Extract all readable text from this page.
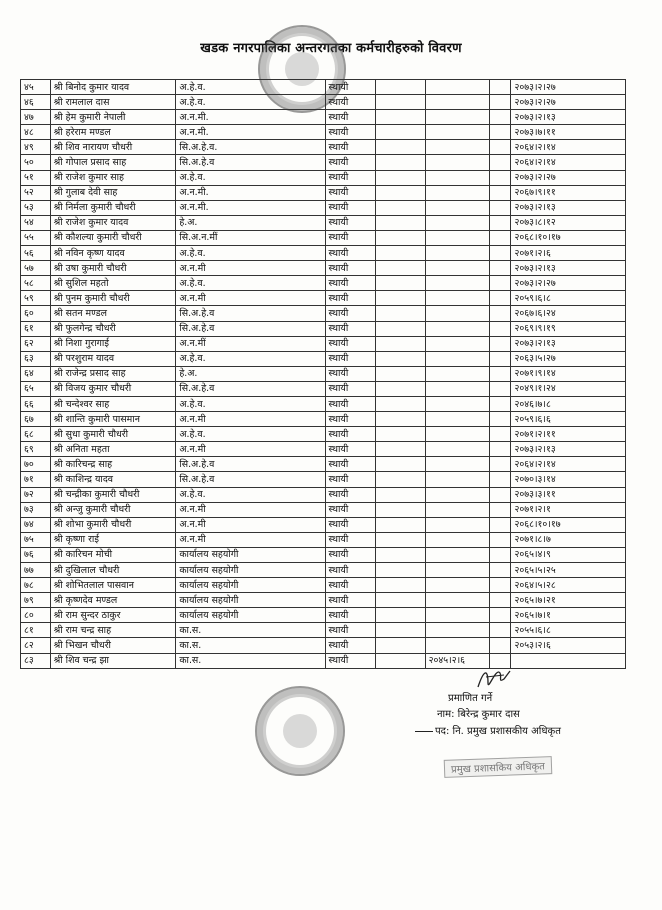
खडक नगरपालिका अन्तरगतका कर्मचारीहरुको विवरण
४५	श्री बिनोद कुमार यादव	अ.हे.व.	स्थायी				२०७३।२।२७
४६	श्री रामलाल दास	अ.हे.व.	स्थायी				२०७३।२।२७
४७	श्री हेम कुमारी नेपाली	अ.न.मी.	स्थायी				२०७३।२।१३
४८	श्री हरेराम मण्डल	अ.न.मी.	स्थायी				२०७३।७।११
४९	श्री शिव नारायण चौधरी	सि.अ.हे.व.	स्थायी				२०६४।२।१४
५०	श्री गोपाल प्रसाद साह	सि.अ.हे.व	स्थायी				२०६४।२।१४
५१	श्री राजेश कुमार साह	अ.हे.व.	स्थायी				२०७३।२।२७
५२	श्री गुलाब देवी साह	अ.न.मी.	स्थायी				२०६७।९।११
५३	श्री निर्मला कुमारी चौधरी	अ.न.मी.	स्थायी				२०७३।२।१३
५४	श्री राजेश कुमार यादव	हे.अ.	स्थायी				२०७३।८।१२
५५	श्री कौशल्या कुमारी चौधरी	सि.अ.न.मीं	स्थायी				२०६८।१०।१७
५६	श्री नविन कृष्ण यादव	अ.हे.व.	स्थायी				२०७१।२।६
५७	श्री उषा कुमारी चौधरी	अ.न.मी	स्थायी				२०७३।२।१३
५८	श्री सुशिल महतो	अ.हे.व.	स्थायी				२०७३।२।२७
५९	श्री पुनम कुमारी चौधरी	अ.न.मी	स्थायी				२०५९।६।८
६०	श्री सतन मण्डल	सि.अ.हे.व	स्थायी				२०६७।६।२४
६१	श्री फुलगेन्द्र चौधरी	सि.अ.हे.व	स्थायी				२०६९।९।१९
६२	श्री निशा गुरागाई	अ.न.मीं	स्थायी				२०७३।२।१३
६३	श्री परशुराम यादव	अ.हे.व.	स्थायी				२०६३।५।२७
६४	श्री राजेन्द्र प्रसाद साह	हे.अ.	स्थायी				२०७१।९।१४
६५	श्री विजय कुमार चौधरी	सि.अ.हे.व	स्थायी				२०४९।१।२४
६६	श्री चन्देश्वर साह	अ.हे.व.	स्थायी				२०४६।७।८
६७	श्री शान्ति कुमारी पासमान	अ.न.मी	स्थायी				२०५९।६।६
६८	श्री सुधा कुमारी चौधरी	अ.हे.व.	स्थायी				२०७१।२।११
६९	श्री अनिता महता	अ.न.मी	स्थायी				२०७३।२।१३
७०	श्री कारिचन्द्र साह	सि.अ.हे.व	स्थायी				२०६४।२।१४
७१	श्री काशिन्द्र यादव	सि.अ.हे.व	स्थायी				२०७०।३।१४
७२	श्री चन्द्रीका कुमारी चौधरी	अ.हे.व.	स्थायी				२०७३।३।११
७३	श्री अन्जु कुमारी चौधरी	अ.न.मी	स्थायी				२०७१।२।१
७४	श्री शोभा कुमारी चौधरी	अ.न.मी	स्थायी				२०६८।१०।१७
७५	श्री कृष्णा राई	अ.न.मी	स्थायी				२०७१।८।७
७६	श्री कारिचन मोची	कार्यालय सहयोगी	स्थायी				२०६५।४।९
७७	श्री दुखिलाल चौधरी	कार्यालय सहयोगी	स्थायी				२०६५।५।२५
७८	श्री शोभितलाल पासवान	कार्यालय सहयोगी	स्थायी				२०६४।५।२८
७९	श्री कृष्णदेव मण्डल	कार्यालय सहयोगी	स्थायी				२०६५।७।२१
८०	श्री राम सुन्दर ठाकुर	कार्यालय सहयोगी	स्थायी				२०६५।७।१
८१	श्री राम चन्द्र साह	का.स.	स्थायी				२०५५।६।८
८२	श्री भिखन चौधरी	का.स.	स्थायी				२०५३।२।६
८३	श्री शिव चन्द्र झा	का.स.	स्थायी		२०४५।२।६		
प्रमाणित गर्ने
नाम: बिरेन्द्र कुमार दास
पद: नि. प्रमुख प्रशासकीय अधिकृत
प्रमुख प्रशासकिय अधिकृत
